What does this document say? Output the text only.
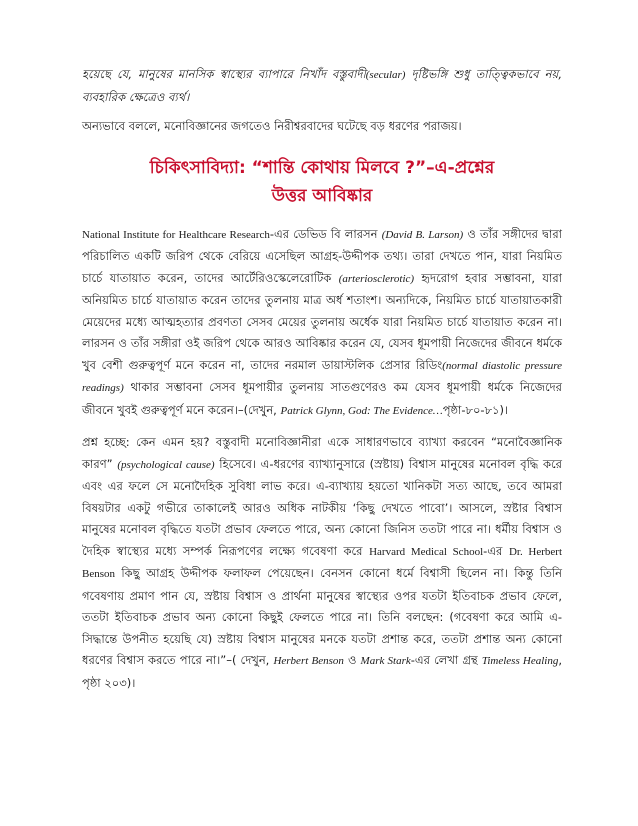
হয়েছে যে, মানুষের মানসিক স্বাস্থ্যের ব্যাপারে নিখাঁদ বস্তুবাদী(secular) দৃষ্টিভঙ্গি শুধু তাত্ত্বিকভাবে নয়, ব্যবহারিক ক্ষেত্রেও ব্যর্থ।

অন্যভাবে বললে, মনোবিজ্ঞানের জগতেও নিরীশ্বরবাদের ঘটেছে বড় ধরণের পরাজয়।

চিকিৎসাবিদ্যা: “শান্তি কোথায় মিলবে ?”–এ-প্রশ্নের
উত্তর আবিষ্কার

National Institute for Healthcare Research-এর ডেভিড বি লারসন (David B. Larson) ও তাঁর সঙ্গীদের দ্বারা পরিচালিত একটি জরিপ থেকে বেরিয়ে এসেছিল আগ্রহ-উদ্দীপক তথ্য। তারা দেখতে পান, যারা নিয়মিত চার্চে যাতায়াত করেন, তাদের আর্টেরিওস্কেলেরোটিক (arteriosclerotic) হৃদরোগ হবার সম্ভাবনা, যারা অনিয়মিত চার্চে যাতায়াত করেন তাদের তুলনায় মাত্র অর্ধ শতাংশ। অন্যদিকে, নিয়মিত চার্চে যাতায়াতকারী মেয়েদের মধ্যে আত্মহত্যার প্রবণতা সেসব মেয়ের তুলনায় অর্ধেক যারা নিয়মিত চার্চে যাতায়াত করেন না। লারসন ও তাঁর সঙ্গীরা ওই জরিপ থেকে আরও আবিষ্কার করেন যে, যেসব ধূমপায়ী নিজেদের জীবনে ধর্মকে খুব বেশী গুরুত্বপূর্ণ মনে করেন না, তাদের নরমাল ডায়াস্টলিক প্রেসার রিডিং(normal diastolic pressure readings) থাকার সম্ভাবনা সেসব ধূমপায়ীর তুলনায় সাতগুণেরও কম যেসব ধূমপায়ী ধর্মকে নিজেদের জীবনে খুবই গুরুত্বপূর্ণ মনে করেন।–(দেখুন, Patrick Glynn, God: The Evidence…পৃষ্ঠা-৮০-৮১)।

প্রশ্ন হচ্ছে: কেন এমন হয়? বস্তুবাদী মনোবিজ্ঞানীরা একে সাধারণভাবে ব্যাখ্যা করবেন “মনোবৈজ্ঞানিক কারণ” (psychological cause) হিসেবে। এ-ধরণের ব্যাখ্যানুসারে (স্রষ্টায়) বিশ্বাস মানুষের মনোবল বৃদ্ধি করে এবং এর ফলে সে মনোদৈহিক সুবিধা লাভ করে। এ-ব্যাখ্যায় হয়তো খানিকটা সত্য আছে, তবে আমরা বিষয়টার একটু গভীরে তাকালেই আরও অধিক নাটকীয় ‘কিছু দেখতে পাবো’। আসলে, স্রষ্টার বিশ্বাস মানুষের মনোবল বৃদ্ধিতে যতটা প্রভাব ফেলতে পারে, অন্য কোনো জিনিস ততটা পারে না। ধর্মীয় বিশ্বাস ও দৈহিক স্বাস্থ্যের মধ্যে সম্পর্ক নিরূপণের লক্ষ্যে গবেষণা করে Harvard Medical School-এর Dr. Herbert Benson কিছু আগ্রহ উদ্দীপক ফলাফল পেয়েছেন। বেনসন কোনো ধর্মে বিশ্বাসী ছিলেন না। কিন্তু তিনি গবেষণায় প্রমাণ পান যে, স্রষ্টায় বিশ্বাস ও প্রার্থনা মানুষের স্বাস্থ্যের ওপর যতটা ইতিবাচক প্রভাব ফেলে, ততটা ইতিবাচক প্রভাব অন্য কোনো কিছুই ফেলতে পারে না। তিনি বলছেন: (গবেষণা করে আমি এ-সিদ্ধান্তে উপনীত হয়েছি যে) স্রষ্টায় বিশ্বাস মানুষের মনকে যতটা প্রশান্ত করে, ততটা প্রশান্ত অন্য কোনো ধরণের বিশ্বাস করতে পারে না।”–( দেখুন, Herbert Benson ও Mark Stark-এর লেখা গ্রন্থ Timeless Healing, পৃষ্ঠা ২০৩)।
